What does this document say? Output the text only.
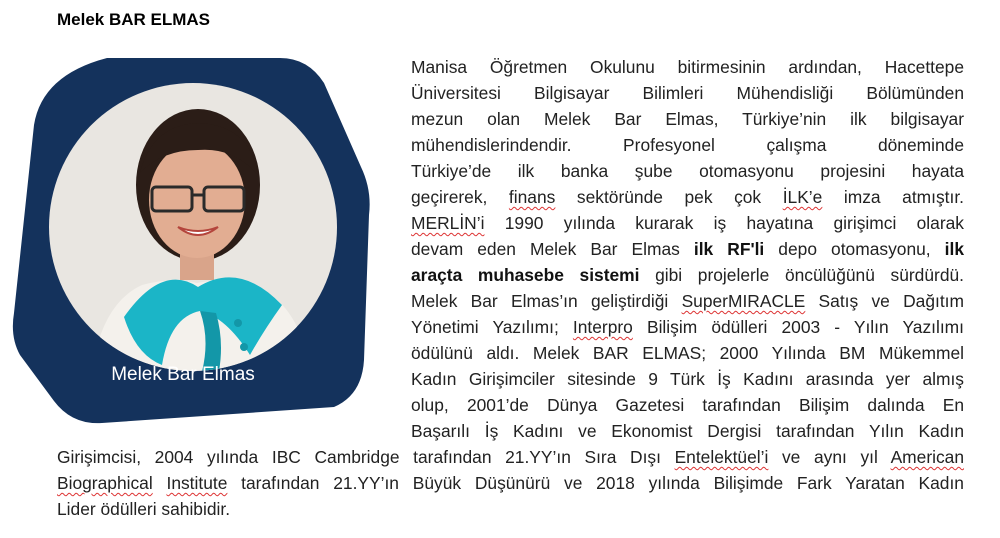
Melek BAR ELMAS
Melek Bar Elmas
Manisa Öğretmen Okulunu bitirmesinin ardından, Hacettepe
Üniversitesi Bilgisayar Bilimleri Mühendisliği Bölümünden
mezun olan Melek Bar Elmas, Türkiye’nin ilk bilgisayar
mühendislerindendir. Profesyonel çalışma döneminde
Türkiye’de ilk banka şube otomasyonu projesini hayata
geçirerek, finans sektöründe pek çok İLK’e imza atmıştır.
MERLİN’i 1990 yılında kurarak iş hayatına girişimci olarak
devam eden Melek Bar Elmas ilk RF'li depo otomasyonu, ilk
araçta muhasebe sistemi gibi projelerle öncülüğünü sürdürdü.
Melek Bar Elmas’ın geliştirdiği SuperMIRACLE Satış ve Dağıtım
Yönetimi Yazılımı; Interpro Bilişim ödülleri 2003 - Yılın Yazılımı
ödülünü aldı. Melek BAR ELMAS; 2000 Yılında BM Mükemmel
Kadın Girişimciler sitesinde 9 Türk İş Kadını arasında yer almış
olup, 2001’de Dünya Gazetesi tarafından Bilişim dalında En
Başarılı İş Kadını ve Ekonomist Dergisi tarafından Yılın Kadın
Girişimcisi, 2004 yılında IBC Cambridge tarafından 21.YY’ın Sıra Dışı Entelektüel’i ve aynı yıl American
Biographical Institute tarafından 21.YY’ın Büyük Düşünürü ve 2018 yılında Bilişimde Fark Yaratan Kadın
Lider ödülleri sahibidir.
